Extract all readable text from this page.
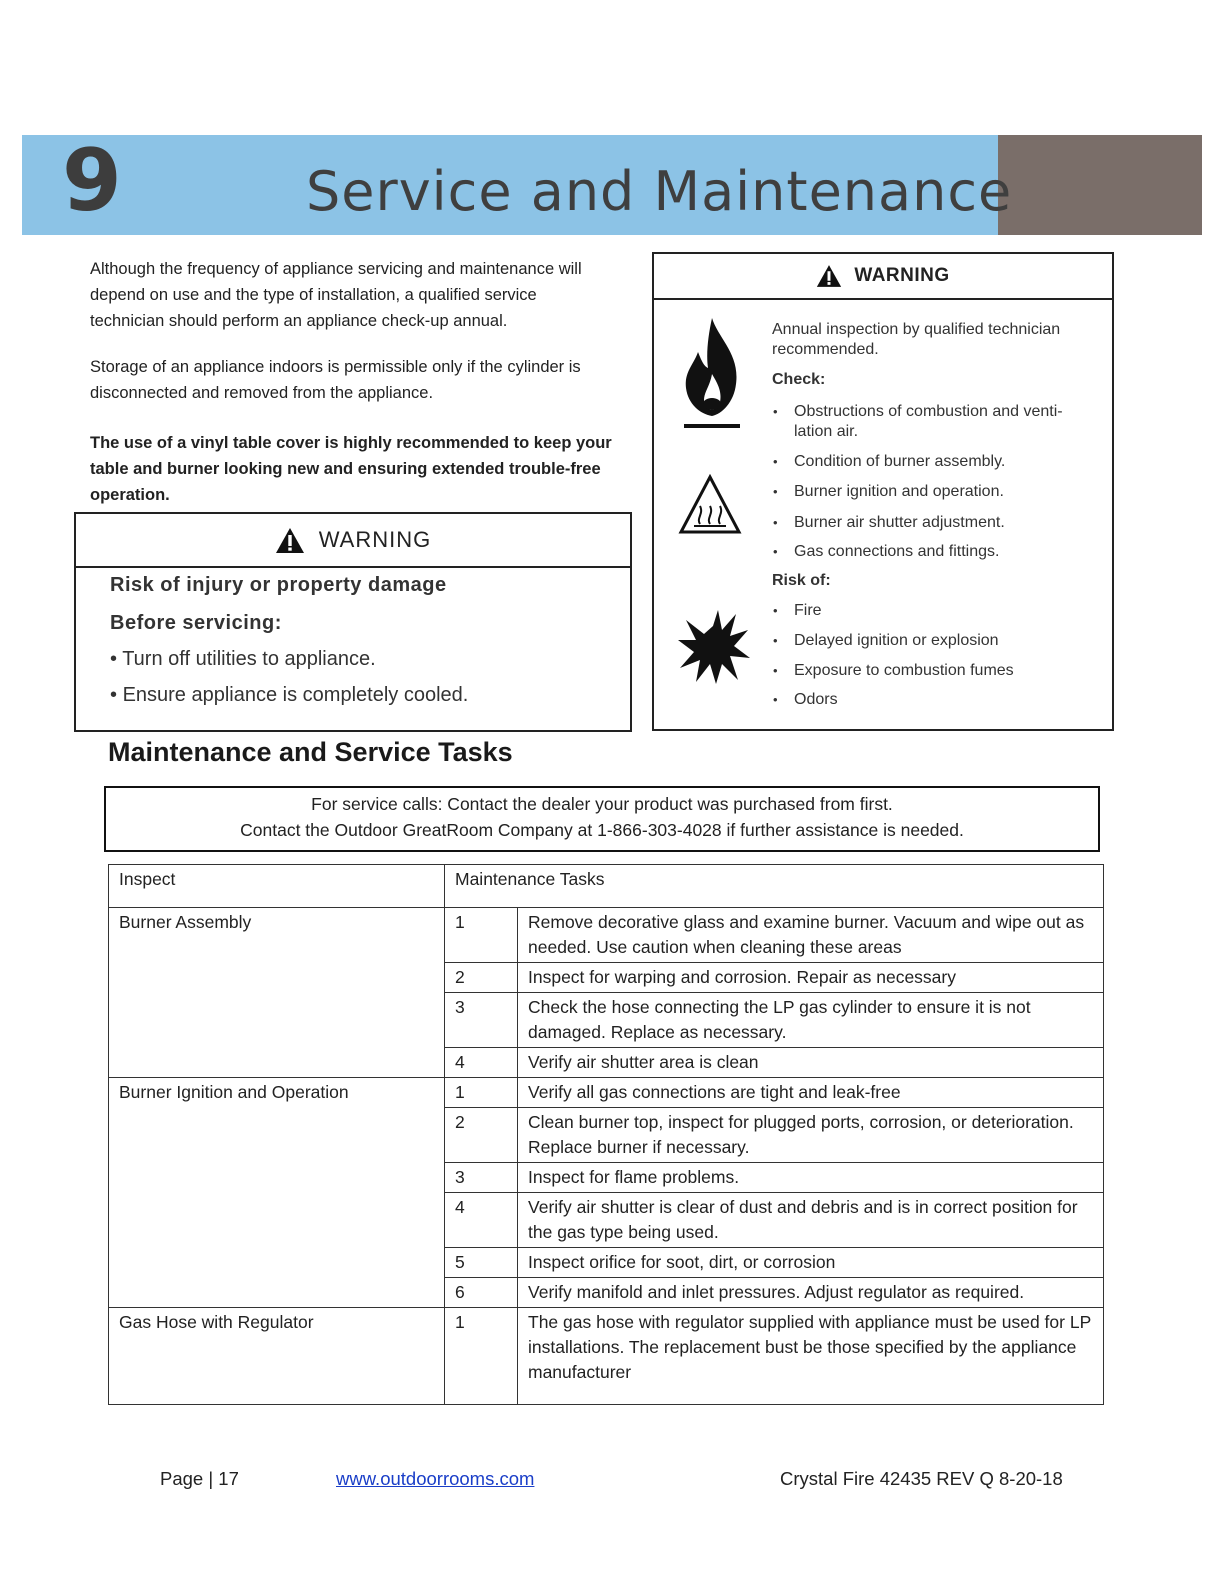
9	Service and Maintenance
Although the frequency of appliance servicing and maintenance will
depend on use and the type of installation, a qualified service
technician should perform an appliance check-up annual.
Storage of an appliance indoors is permissible only if the cylinder is
disconnected and removed from the appliance.
The use of a vinyl table cover is highly recommended to keep your
table and burner looking new and ensuring extended trouble-free
operation.
WARNING
Risk of injury or property damage
Before servicing:
• Turn off utilities to appliance.
• Ensure appliance is completely cooled.
WARNING
Annual inspection by qualified technician
recommended.
Check:
• Obstructions of combustion and venti-
lation air.
• Condition of burner assembly.
• Burner ignition and operation.
• Burner air shutter adjustment.
• Gas connections and fittings.
Risk of:
• Fire
• Delayed ignition or explosion
• Exposure to combustion fumes
• Odors
Maintenance and Service Tasks
For service calls: Contact the dealer your product was purchased from first.
Contact the Outdoor GreatRoom Company at 1-866-303-4028 if further assistance is needed.
Inspect	Maintenance Tasks	
Burner Assembly	1	Remove decorative glass and examine burner. Vacuum and wipe out as needed. Use caution when cleaning these areas
	2	Inspect for warping and corrosion. Repair as necessary
	3	Check the hose connecting the LP gas cylinder to ensure it is not damaged. Replace as necessary.
	4	Verify air shutter area is clean
Burner Ignition and Operation	1	Verify all gas connections are tight and leak-free
	2	Clean burner top, inspect for plugged ports, corrosion, or deterioration. Replace burner if necessary.
	3	Inspect for flame problems.
	4	Verify air shutter is clear of dust and debris and is in correct position for the gas type being used.
	5	Inspect orifice for soot, dirt, or corrosion
	6	Verify manifold and inlet pressures. Adjust regulator as required.
Gas Hose with Regulator	1	The gas hose with regulator supplied with appliance must be used for LP installations. The replacement bust be those specified by the appliance manufacturer
Page | 17	www.outdoorrooms.com	Crystal Fire 42435 REV Q 8-20-18
